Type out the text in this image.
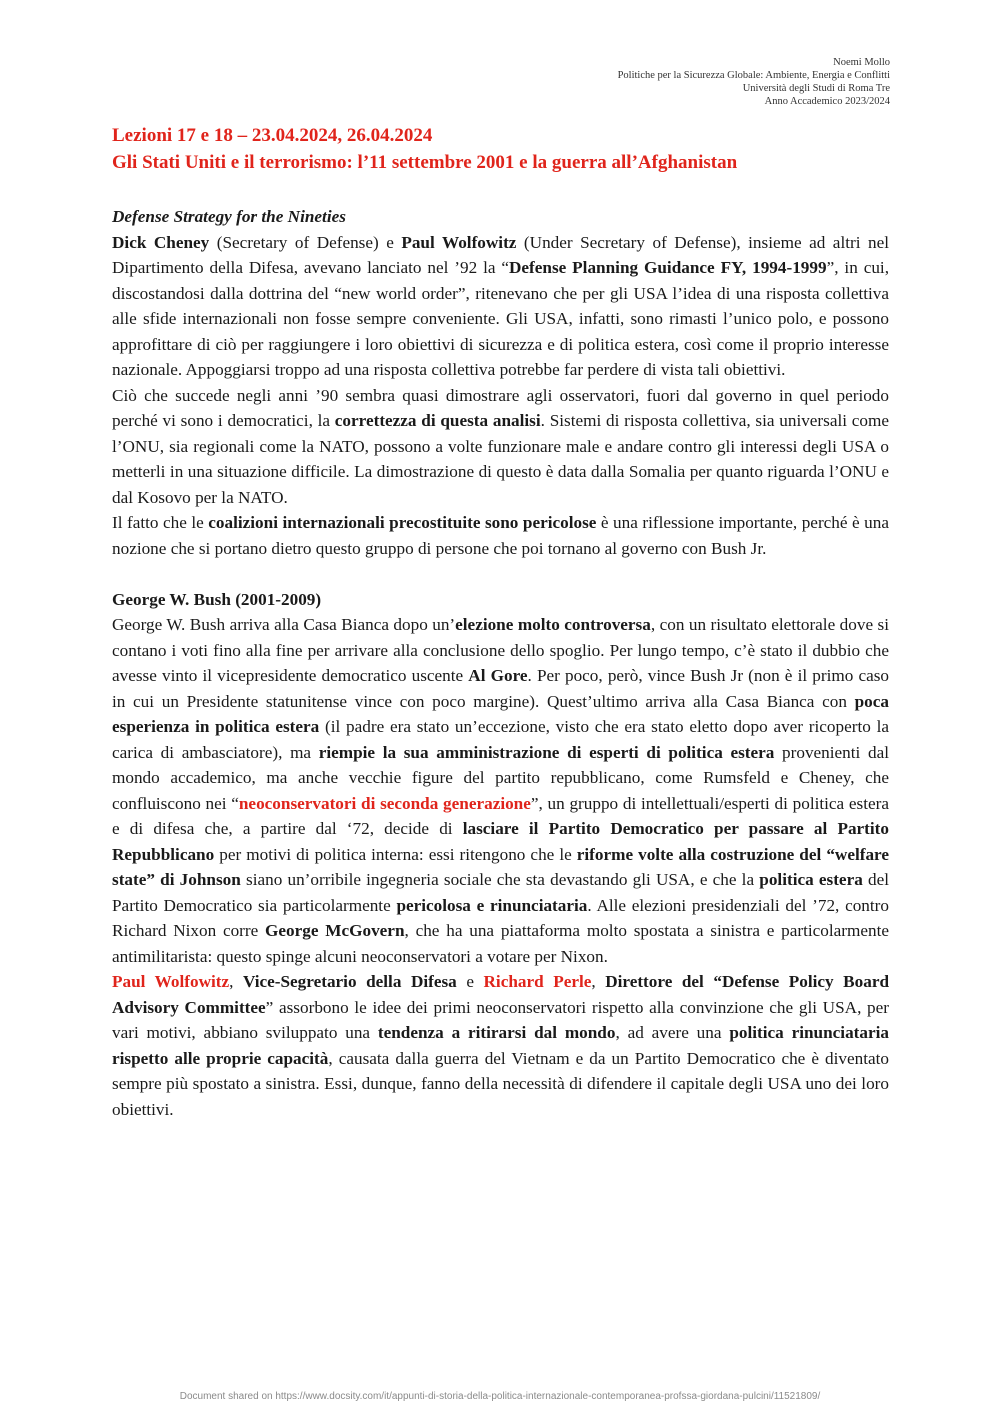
Noemi Mollo
Politiche per la Sicurezza Globale: Ambiente, Energia e Conflitti
Università degli Studi di Roma Tre
Anno Accademico 2023/2024
Lezioni 17 e 18 – 23.04.2024, 26.04.2024
Gli Stati Uniti e il terrorismo: l’11 settembre 2001 e la guerra all’Afghanistan

Defense Strategy for the Nineties

Dick Cheney (Secretary of Defense) e Paul Wolfowitz (Under Secretary of Defense), insieme ad altri nel Dipartimento della Difesa, avevano lanciato nel ’92 la “Defense Planning Guidance FY, 1994-1999”, in cui, discostandosi dalla dottrina del “new world order”, ritenevano che per gli USA l’idea di una risposta collettiva alle sfide internazionali non fosse sempre conveniente. Gli USA, infatti, sono rimasti l’unico polo, e possono approfittare di ciò per raggiungere i loro obiettivi di sicurezza e di politica estera, così come il proprio interesse nazionale. Appoggiarsi troppo ad una risposta collettiva potrebbe far perdere di vista tali obiettivi.

Ciò che succede negli anni ’90 sembra quasi dimostrare agli osservatori, fuori dal governo in quel periodo perché vi sono i democratici, la correttezza di questa analisi. Sistemi di risposta collettiva, sia universali come l’ONU, sia regionali come la NATO, possono a volte funzionare male e andare contro gli interessi degli USA o metterli in una situazione difficile. La dimostrazione di questo è data dalla Somalia per quanto riguarda l’ONU e dal Kosovo per la NATO.

Il fatto che le coalizioni internazionali precostituite sono pericolose è una riflessione importante, perché è una nozione che si portano dietro questo gruppo di persone che poi tornano al governo con Bush Jr.

George W. Bush (2001-2009)

George W. Bush arriva alla Casa Bianca dopo un’elezione molto controversa, con un risultato elettorale dove si contano i voti fino alla fine per arrivare alla conclusione dello spoglio. Per lungo tempo, c’è stato il dubbio che avesse vinto il vicepresidente democratico uscente Al Gore. Per poco, però, vince Bush Jr (non è il primo caso in cui un Presidente statunitense vince con poco margine). Quest’ultimo arriva alla Casa Bianca con poca esperienza in politica estera (il padre era stato un’eccezione, visto che era stato eletto dopo aver ricoperto la carica di ambasciatore), ma riempie la sua amministrazione di esperti di politica estera provenienti dal mondo accademico, ma anche vecchie figure del partito repubblicano, come Rumsfeld e Cheney, che confluiscono nei “neoconservatori di seconda generazione”, un gruppo di intellettuali/esperti di politica estera e di difesa che, a partire dal ‘72, decide di lasciare il Partito Democratico per passare al Partito Repubblicano per motivi di politica interna: essi ritengono che le riforme volte alla costruzione del “welfare state” di Johnson siano un’orribile ingegneria sociale che sta devastando gli USA, e che la politica estera del Partito Democratico sia particolarmente pericolosa e rinunciataria. Alle elezioni presidenziali del ’72, contro Richard Nixon corre George McGovern, che ha una piattaforma molto spostata a sinistra e particolarmente antimilitarista: questo spinge alcuni neoconservatori a votare per Nixon.

Paul Wolfowitz, Vice-Segretario della Difesa e Richard Perle, Direttore del “Defense Policy Board Advisory Committee” assorbono le idee dei primi neoconservatori rispetto alla convinzione che gli USA, per vari motivi, abbiano sviluppato una tendenza a ritirarsi dal mondo, ad avere una politica rinunciataria rispetto alle proprie capacità, causata dalla guerra del Vietnam e da un Partito Democratico che è diventato sempre più spostato a sinistra. Essi, dunque, fanno della necessità di difendere il capitale degli USA uno dei loro obiettivi.

Document shared on https://www.docsity.com/it/appunti-di-storia-della-politica-internazionale-contemporanea-profssa-giordana-pulcini/11521809/
